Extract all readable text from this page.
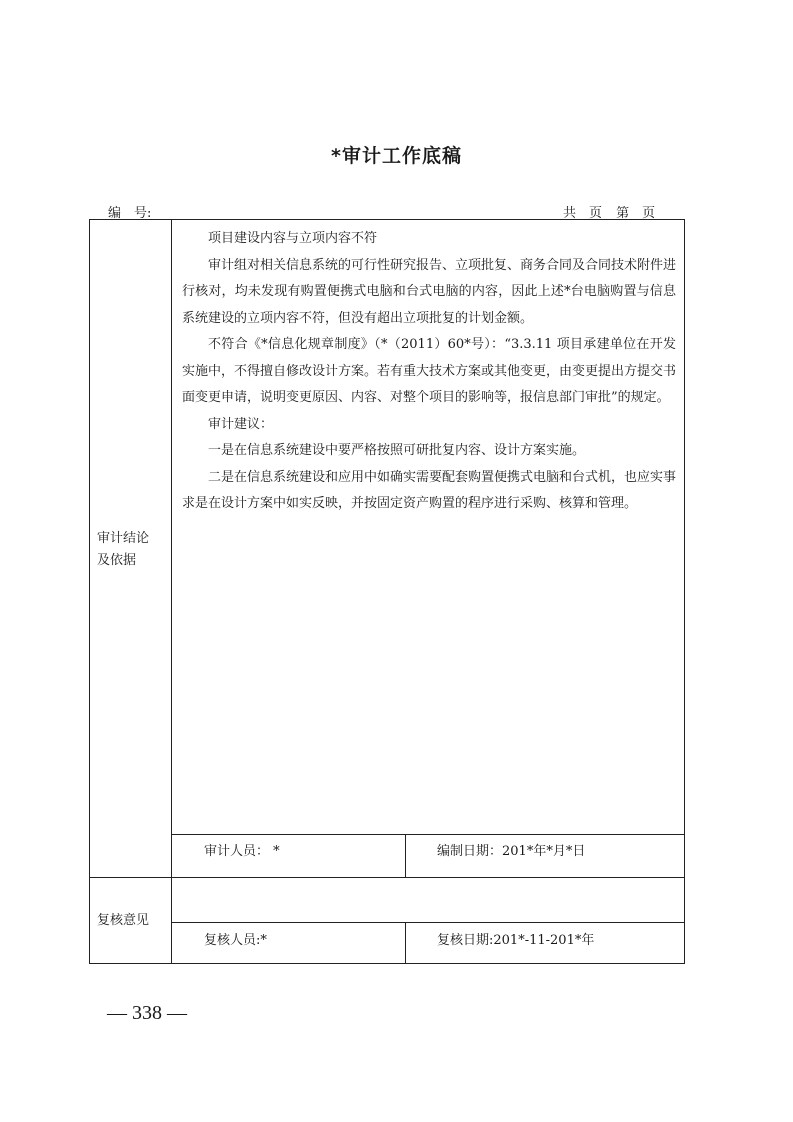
*审计工作底稿
编　号:	共　页 第　页
审计结论
及依据

项目建设内容与立项内容不符

审计组对相关信息系统的可行性研究报告、立项批复、商务合同及合同技术附件进行核对，均未发现有购置便携式电脑和台式电脑的内容，因此上述*台电脑购置与信息系统建设的立项内容不符，但没有超出立项批复的计划金额。

不符合《*信息化规章制度》（*（2011）60*号）：“3.3.11 项目承建单位在开发实施中，不得擅自修改设计方案。若有重大技术方案或其他变更，由变更提出方提交书面变更申请，说明变更原因、内容、对整个项目的影响等，报信息部门审批”的规定。

审计建议：

一是在信息系统建设中要严格按照可研批复内容、设计方案实施。

二是在信息系统建设和应用中如确实需要配套购置便携式电脑和台式机，也应实事求是在设计方案中如实反映，并按固定资产购置的程序进行采购、核算和管理。

审计人员： *	编制日期：201*年*月*日
复核意见
复核人员:*	复核日期:201*-11-201*年
— 338 —
